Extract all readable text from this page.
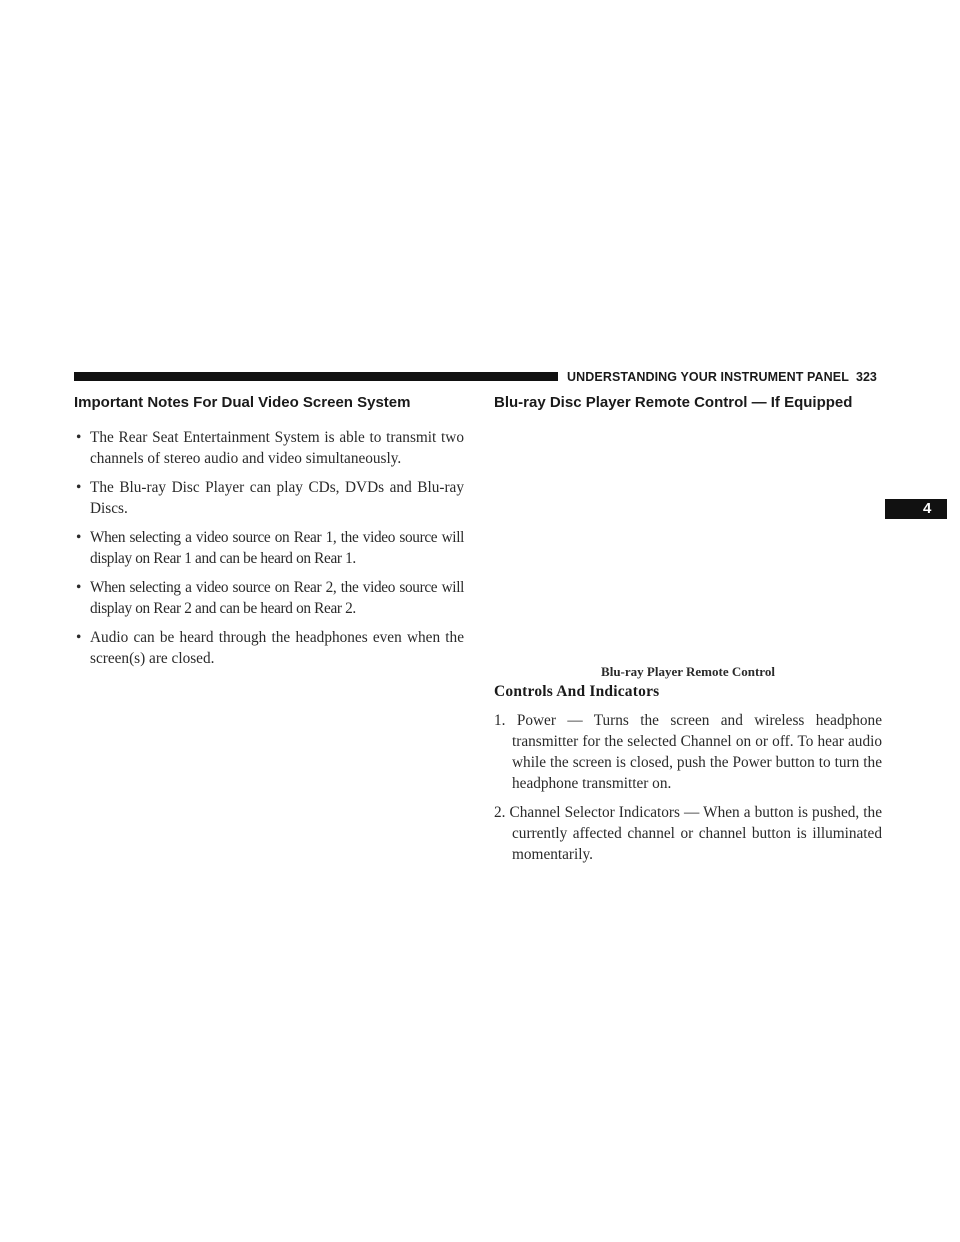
UNDERSTANDING YOUR INSTRUMENT PANEL 323
4
Important Notes For Dual Video Screen System
• The Rear Seat Entertainment System is able to transmit two channels of stereo audio and video simultaneously.
• The Blu-ray Disc Player can play CDs, DVDs and Blu-ray Discs.
• When selecting a video source on Rear 1, the video source will display on Rear 1 and can be heard on Rear 1.
• When selecting a video source on Rear 2, the video source will display on Rear 2 and can be heard on Rear 2.
• Audio can be heard through the headphones even when the screen(s) are closed.
Blu-ray Disc Player Remote Control — If Equipped
Blu-ray Player Remote Control
Controls And Indicators
1. Power — Turns the screen and wireless headphone transmitter for the selected Channel on or off. To hear audio while the screen is closed, push the Power button to turn the headphone transmitter on.
2. Channel Selector Indicators — When a button is pushed, the currently affected channel or channel button is illuminated momentarily.
